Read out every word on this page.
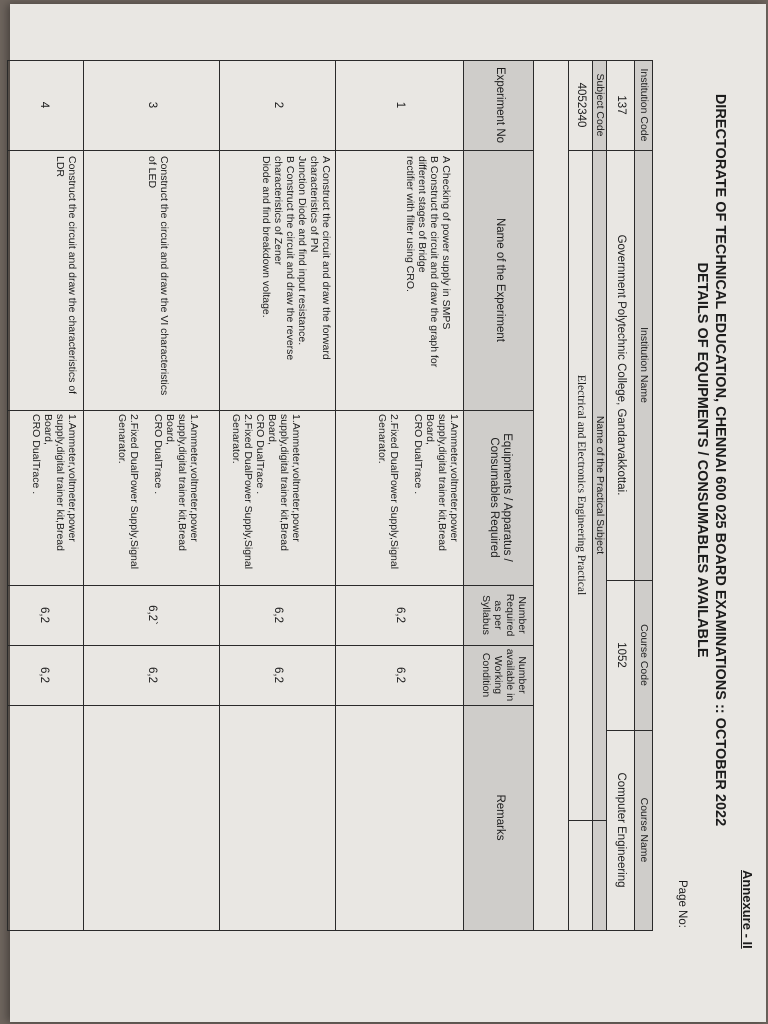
Annexure - II
DIRECTORATE OF TECHNICAL EDUCATION, CHENNAI 600 025 BOARD EXAMINATIONS :: OCTOBER 2022
DETAILS OF EQUIPMENTS / CONSUMABLES AVAILABLE
Page No:
Institution Code
137
Institution Name
Government Polytechnic College, Gandarvakkottai.
Course Code
1052
Course Name
Computer Engineering
Subject Code
4052340
Name of the Practical Subject
Electrical and Electronics Engineering Practical
Experiment No
Name of the Experiment
Equipments / Apparatus / Consumables Required
Number Required as per Syllabus
Number available in Working Condition
Remarks
1
A Checking of power supply in SMPS
B Construct the circuit and draw the graph for
different stages of Bridge
rectifier with filter using CRO.
1.Ammeter,voltmeter,power
supply,digital trainer kit,Bread Board,
CRO DualTrace .
2.Fixed DualPower Supply,Signal
Genarator.
6,2
6,2
2
A Construct the circuit and draw the forward
characteristics of PN
Junction Diode and find input resistance.
B Construct the circuit and draw the reverse
characteristics of Zener
Diode and find breakdown voltage.
1.Ammeter,voltmeter,power
supply,digital trainer kit,Bread Board,
CRO DualTrace .
2.Fixed DualPower Supply,Signal
Genarator.
6,2
6,2
3
Construct the circuit and draw the VI characteristics
of LED
1.Ammeter,voltmeter,power
supply,digital trainer kit,Bread Board,
CRO DualTrace .
2.Fixed DualPower Supply,Signal
Genarator.
6,2`
6,2
4
Construct the circuit and draw the characteristics of
LDR
1.Ammeter,voltmeter,power
supply,digital trainer kit,Bread Board,
CRO DualTrace .
6,2
6,2
